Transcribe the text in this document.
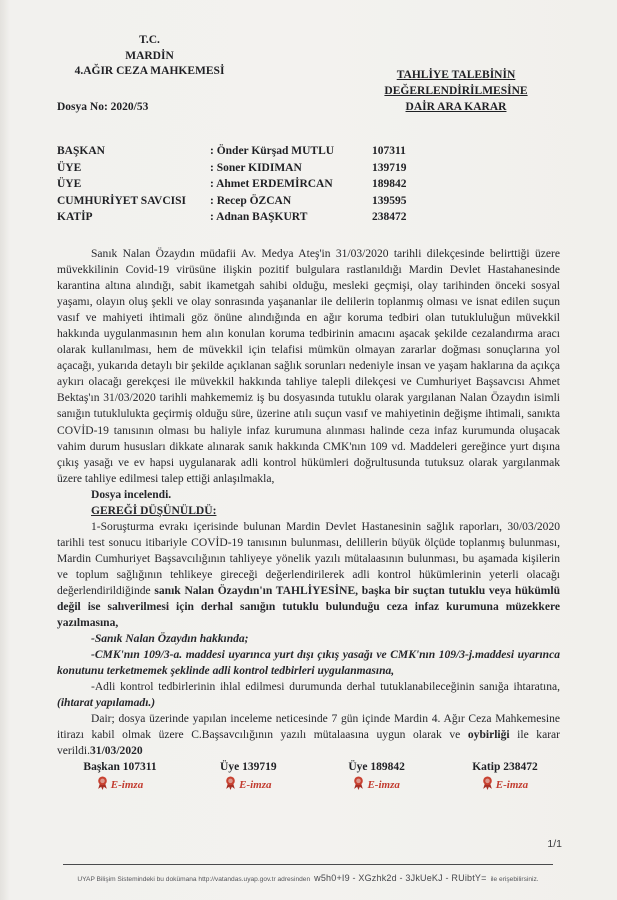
T.C.
MARDİN
4.AĞIR CEZA MAHKEMESİ
Dosya No: 2020/53
TAHLİYE TALEBİNİN
DEĞERLENDİRİLMESİNE
DAİR ARA KARAR
BAŞKAN	: Önder Kürşad MUTLU	107311
ÜYE	: Soner KIDIMAN	139719
ÜYE	: Ahmet ERDEMİRCAN	189842
CUMHURİYET SAVCISI	: Recep ÖZCAN	139595
KATİP	: Adnan BAŞKURT	238472

Sanık Nalan Özaydın müdafii Av. Medya Ateş'in 31/03/2020 tarihli dilekçesinde belirttiği üzere müvekkilinin Covid-19 virüsüne ilişkin pozitif bulgulara rastlanıldığı Mardin Devlet Hastahanesinde karantina altına alındığı, sabit ikametgah sahibi olduğu, mesleki geçmişi, olay tarihinden önceki sosyal yaşamı, olayın oluş şekli ve olay sonrasında yaşananlar ile delilerin toplanmış olması ve isnat edilen suçun vasıf ve mahiyeti ihtimali göz önüne alındığında en ağır koruma tedbiri olan tutukluluğun müvekkil hakkında uygulanmasının hem alın konulan koruma tedbirinin amacını aşacak şekilde cezalandırma aracı olarak kullanılması, hem de müvekkil için telafisi mümkün olmayan zararlar doğması sonuçlarına yol açacağı, yukarıda detaylı bir şekilde açıklanan sağlık sorunları nedeniyle insan ve yaşam haklarına da açıkça aykırı olacağı gerekçesi ile müvekkil hakkında tahliye talepli dilekçesi ve Cumhuriyet Başsavcısı Ahmet Bektaş'ın 31/03/2020 tarihli mahkememiz iş bu dosyasında tutuklu olarak yargılanan Nalan Özaydın isimli sanığın tutuklulukta geçirmiş olduğu süre, üzerine atılı suçun vasıf ve mahiyetinin değişme ihtimali, sanıkta COVİD-19 tanısının olması bu haliyle infaz kurumuna alınması halinde ceza infaz kurumunda oluşacak vahim durum hususları dikkate alınarak sanık hakkında CMK'nın 109 vd. Maddeleri gereğince yurt dışına çıkış yasağı ve ev hapsi uygulanarak adli kontrol hükümleri doğrultusunda tutuksuz olarak yargılanmak üzere tahliye edilmesi talep ettiği anlaşılmakla,

Dosya incelendi.
GEREĞİ DÜŞÜNÜLDÜ:

1-Soruşturma evrakı içerisinde bulunan Mardin Devlet Hastanesinin sağlık raporları, 30/03/2020 tarihli test sonucu itibariyle COVİD-19 tanısının bulunması, delillerin büyük ölçüde toplanmış bulunması, Mardin Cumhuriyet Başsavcılığının tahliyeye yönelik yazılı mütalaasının bulunması, bu aşamada kişilerin ve toplum sağlığının tehlikeye gireceği değerlendirilerek adli kontrol hükümlerinin yeterli olacağı değerlendirildiğinde sanık Nalan Özaydın'ın TAHLİYESİNE, başka bir suçtan tutuklu veya hükümlü değil ise salıverilmesi için derhal sanığın tutuklu bulunduğu ceza infaz kurumuna müzekkere yazılmasına,

-Sanık Nalan Özaydın hakkında;

-CMK'nın 109/3-a. maddesi uyarınca yurt dışı çıkış yasağı ve CMK'nın 109/3-j.maddesi uyarınca konutunu terketmemek şeklinde adli kontrol tedbirleri uygulanmasına,

-Adli kontrol tedbirlerinin ihlal edilmesi durumunda derhal tutuklanabileceğinin sanığa ihtaratına, (ihtarat yapılamadı.)

Dair; dosya üzerinde yapılan inceleme neticesinde 7 gün içinde Mardin 4. Ağır Ceza Mahkemesine itirazı kabil olmak üzere C.Başsavcılığının yazılı mütalaasına uygun olarak ve oybirliği ile karar verildi.31/03/2020

Başkan 107311
E-imza
Üye 139719
E-imza
Üye 189842
E-imza
Katip 238472
E-imza
1/1
UYAP Bilişim Sistemindeki bu dokümana http://vatandas.uyap.gov.tr adresinden w5h0+I9 - XGzhk2d - 3JkUeKJ - RUibtY= ile erişebilirsiniz.
